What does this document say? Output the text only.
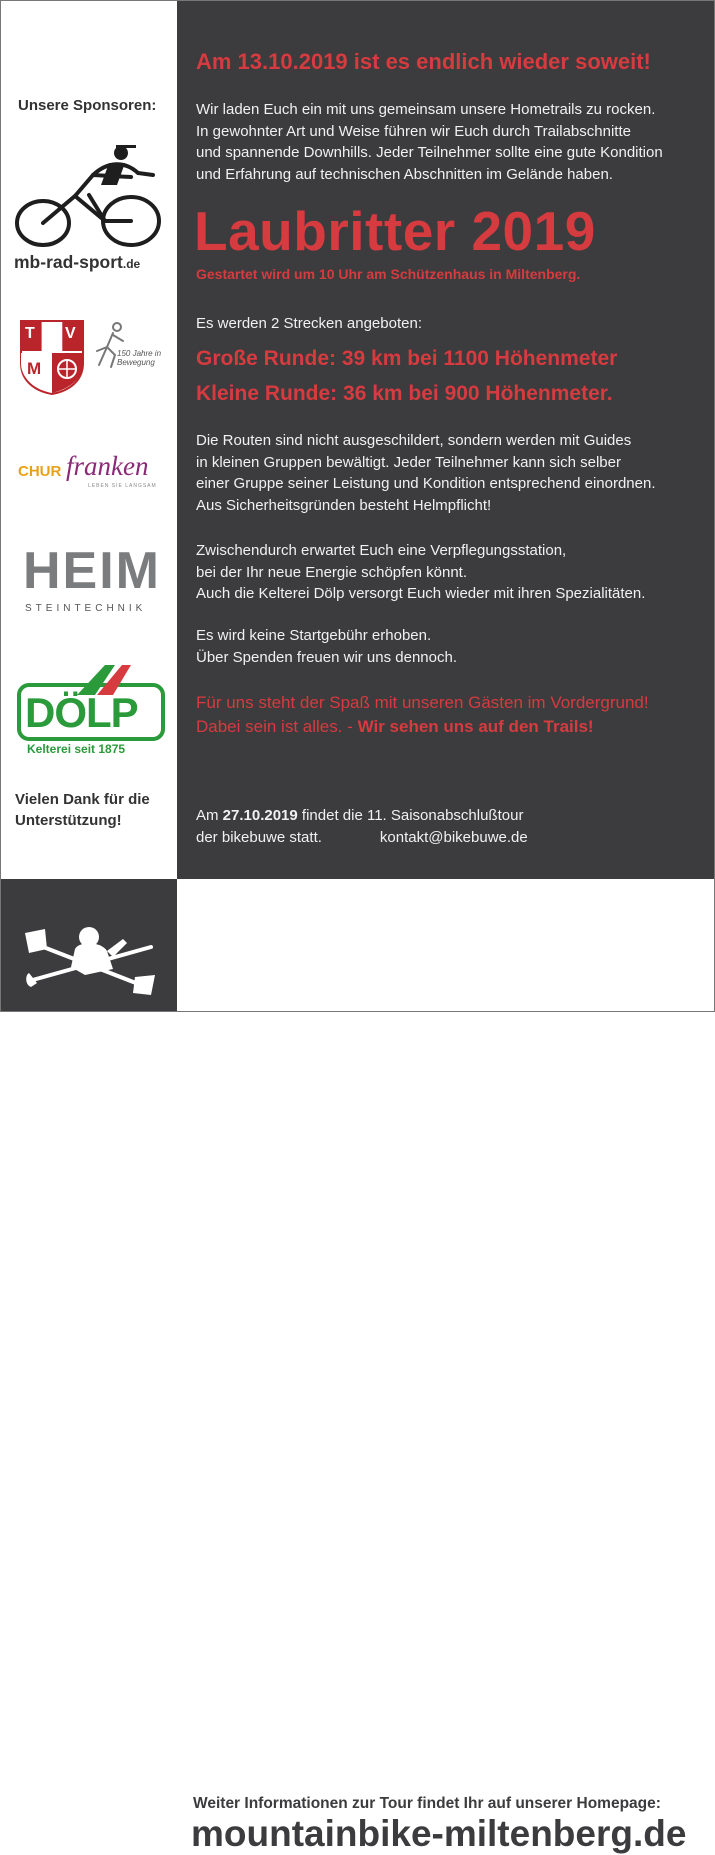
Unsere Sponsoren:
mb-rad-sport.de
T V
M
150 Jahre in Bewegung
CHUR franken
LEBEN SIE LANGSAM
HEIM
STEINTECHNIK
DÖLP
Kelterei seit 1875
Vielen Dank für die
Unterstützung!
Am 13.10.2019 ist es endlich wieder soweit!

Wir laden Euch ein mit uns gemeinsam unsere Hometrails zu rocken.

In gewohnter Art und Weise führen wir Euch durch Trailabschnitte

und spannende Downhills. Jeder Teilnehmer sollte eine gute Kondition

und Erfahrung auf technischen Abschnitten im Gelände haben.

Laubritter 2019
Gestartet wird um 10 Uhr am Schützenhaus in Miltenberg.
Es werden 2 Strecken angeboten:
Große Runde: 39 km bei 1100 Höhenmeter
Kleine Runde: 36 km bei 900 Höhenmeter.

Die Routen sind nicht ausgeschildert, sondern werden mit Guides

in kleinen Gruppen bewältigt. Jeder Teilnehmer kann sich selber

einer Gruppe seiner Leistung und Kondition entsprechend einordnen.

Aus Sicherheitsgründen besteht Helmpflicht!

Zwischendurch erwartet Euch eine Verpflegungsstation,

bei der Ihr neue Energie schöpfen könnt.

Auch die Kelterei Dölp versorgt Euch wieder mit ihren Spezialitäten.

Es wird keine Startgebühr erhoben.

Über Spenden freuen wir uns dennoch.

Für uns steht der Spaß mit unseren Gästen im Vordergrund!
Dabei sein ist alles. - Wir sehen uns auf den Trails!

Am 27.10.2019 findet die 11. Saisonabschlußtour

der bikebuwe statt.	kontakt@bikebuwe.de

No dig, no ride!
Weiter Informationen zur Tour findet Ihr auf unserer Homepage:
mountainbike-miltenberg.de
